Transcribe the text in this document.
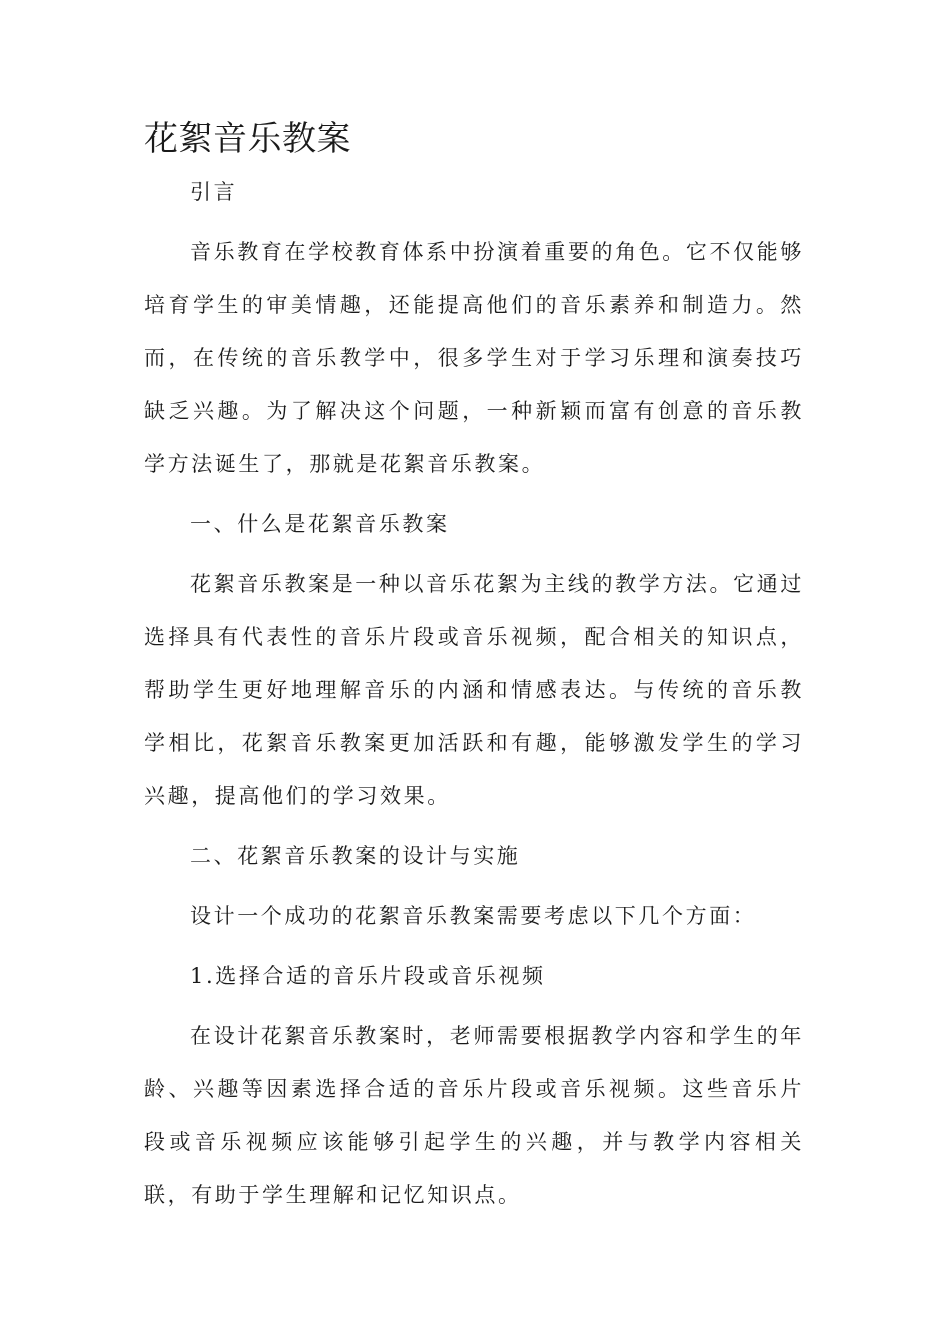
花絮音乐教案

引言

音乐教育在学校教育体系中扮演着重要的角色。它不仅能够培育学生的审美情趣，还能提高他们的音乐素养和制造力。然而，在传统的音乐教学中，很多学生对于学习乐理和演奏技巧缺乏兴趣。为了解决这个问题，一种新颖而富有创意的音乐教学方法诞生了，那就是花絮音乐教案。

一、什么是花絮音乐教案

花絮音乐教案是一种以音乐花絮为主线的教学方法。它通过选择具有代表性的音乐片段或音乐视频，配合相关的知识点，帮助学生更好地理解音乐的内涵和情感表达。与传统的音乐教学相比，花絮音乐教案更加活跃和有趣，能够激发学生的学习兴趣，提高他们的学习效果。

二、花絮音乐教案的设计与实施

设计一个成功的花絮音乐教案需要考虑以下几个方面：

1.选择合适的音乐片段或音乐视频

在设计花絮音乐教案时，老师需要根据教学内容和学生的年龄、兴趣等因素选择合适的音乐片段或音乐视频。这些音乐片段或音乐视频应该能够引起学生的兴趣，并与教学内容相关联，有助于学生理解和记忆知识点。
